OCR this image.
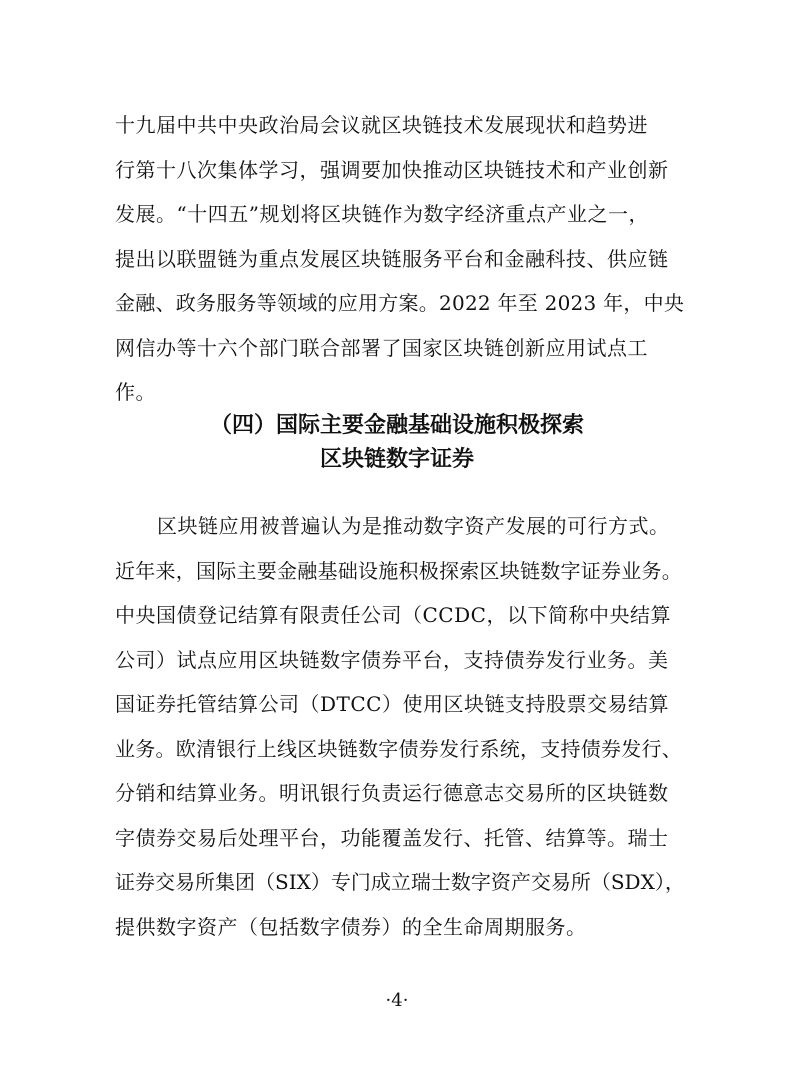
十九届中共中央政治局会议就区块链技术发展现状和趋势进
行第十八次集体学习，强调要加快推动区块链技术和产业创新
发展。“十四五”规划将区块链作为数字经济重点产业之一，
提出以联盟链为重点发展区块链服务平台和金融科技、供应链
金融、政务服务等领域的应用方案。2022 年至 2023 年，中央
网信办等十六个部门联合部署了国家区块链创新应用试点工
作。
（四）国际主要金融基础设施积极探索
区块链数字证券
区块链应用被普遍认为是推动数字资产发展的可行方式。
近年来，国际主要金融基础设施积极探索区块链数字证券业务。
中央国债登记结算有限责任公司（CCDC，以下简称中央结算
公司）试点应用区块链数字债券平台，支持债券发行业务。美
国证券托管结算公司（DTCC）使用区块链支持股票交易结算
业务。欧清银行上线区块链数字债券发行系统，支持债券发行、
分销和结算业务。明讯银行负责运行德意志交易所的区块链数
字债券交易后处理平台，功能覆盖发行、托管、结算等。瑞士
证券交易所集团（SIX）专门成立瑞士数字资产交易所（SDX），
提供数字资产（包括数字债券）的全生命周期服务。
·4·
